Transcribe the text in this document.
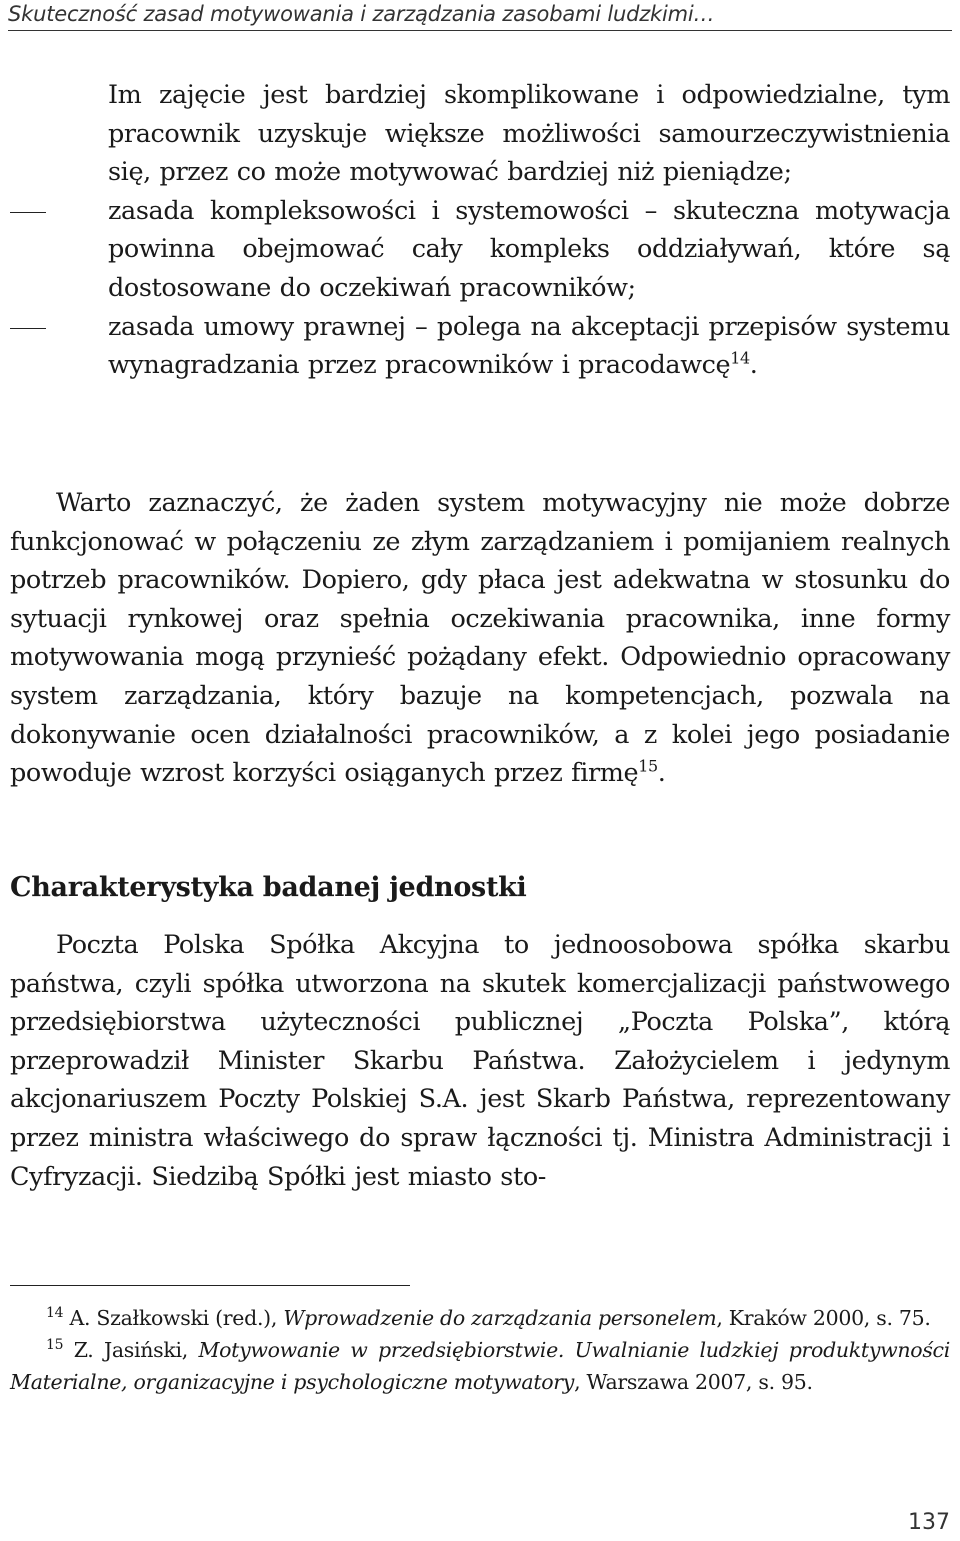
Skuteczność zasad motywowania i zarządzania zasobami ludzkimi…
Im zajęcie jest bardziej skomplikowane i odpowiedzialne, tym pracownik uzyskuje większe możliwości samourzeczywistnienia się, przez co może motywować bardziej niż pieniądze;
zasada kompleksowości i systemowości – skuteczna motywacja powinna obejmować cały kompleks oddziaływań, które są dostosowane do oczekiwań pracowników;
zasada umowy prawnej – polega na akceptacji przepisów systemu wynagradzania przez pracowników i pracodawcę$^{14}$.
Warto zaznaczyć, że żaden system motywacyjny nie może dobrze funkcjonować w połączeniu ze złym zarządzaniem i pomijaniem realnych potrzeb pracowników. Dopiero, gdy płaca jest adekwatna w stosunku do sytuacji rynkowej oraz spełnia oczekiwania pracownika, inne formy motywowania mogą przynieść pożądany efekt. Odpowiednio opracowany system zarządzania, który bazuje na kompetencjach, pozwala na dokonywanie ocen działalności pracowników, a z kolei jego posiadanie powoduje wzrost korzyści osiąganych przez firmę$^{15}$.
Charakterystyka badanej jednostki
Poczta Polska Spółka Akcyjna to jednoosobowa spółka skarbu państwa, czyli spółka utworzona na skutek komercjalizacji państwowego przedsiębiorstwa użyteczności publicznej „Poczta Polska”, którą przeprowadził Minister Skarbu Państwa. Założycielem i jedynym akcjonariuszem Poczty Polskiej S.A. jest Skarb Państwa, reprezentowany przez ministra właściwego do spraw łączności tj. Ministra Administracji i Cyfryzacji. Siedzibą Spółki jest miasto sto-
$^{14}$ A. Szałkowski (red.), Wprowadzenie do zarządzania personelem, Kraków 2000, s. 75.
$^{15}$ Z. Jasiński, Motywowanie w przedsiębiorstwie. Uwalnianie ludzkiej produktywności Materialne, organizacyjne i psychologiczne motywatory, Warszawa 2007, s. 95.
137
